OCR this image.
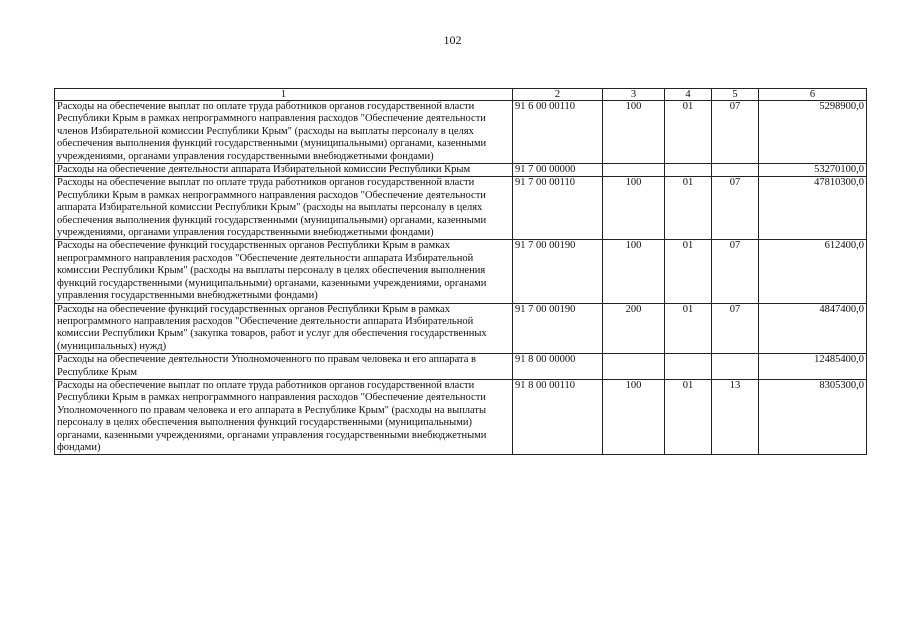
102
1	2	3	4	5	6
Расходы на обеспечение выплат по оплате труда работников органов государственной власти Республики Крым в рамках непрограммного направления расходов "Обеспечение деятельности членов Избирательной комиссии Республики Крым" (расходы на выплаты персоналу в целях обеспечения выполнения функций государственными (муниципальными) органами, казенными учреждениями, органами управления государственными внебюджетными фондами)	91 6 00 00110	100	01	07	5298900,0
Расходы на обеспечение деятельности аппарата Избирательной комиссии Республики Крым	91 7 00 00000				53270100,0
Расходы на обеспечение выплат по оплате труда работников органов государственной власти Республики Крым в рамках непрограммного направления расходов "Обеспечение деятельности аппарата Избирательной комиссии Республики Крым" (расходы на выплаты персоналу в целях обеспечения выполнения функций государственными (муниципальными) органами, казенными учреждениями, органами управления государственными внебюджетными фондами)	91 7 00 00110	100	01	07	47810300,0
Расходы на обеспечение функций государственных органов Республики Крым в рамках непрограммного направления расходов "Обеспечение деятельности аппарата Избирательной комиссии Республики Крым" (расходы на выплаты персоналу в целях обеспечения выполнения функций государственными (муниципальными) органами, казенными учреждениями, органами управления государственными внебюджетными фондами)	91 7 00 00190	100	01	07	612400,0
Расходы на обеспечение функций государственных органов Республики Крым в рамках непрограммного направления расходов "Обеспечение деятельности аппарата Избирательной комиссии Республики Крым" (закупка товаров, работ и услуг для обеспечения государственных (муниципальных) нужд)	91 7 00 00190	200	01	07	4847400,0
Расходы на обеспечение деятельности Уполномоченного по правам человека и его аппарата в Республике Крым	91 8 00 00000				12485400,0
Расходы на обеспечение выплат по оплате труда работников органов государственной власти Республики Крым в рамках непрограммного направления расходов "Обеспечение деятельности Уполномоченного по правам человека и его аппарата в Республике Крым" (расходы на выплаты персоналу в целях обеспечения выполнения функций государственными (муниципальными) органами, казенными учреждениями, органами управления государственными внебюджетными фондами)	91 8 00 00110	100	01	13	8305300,0
